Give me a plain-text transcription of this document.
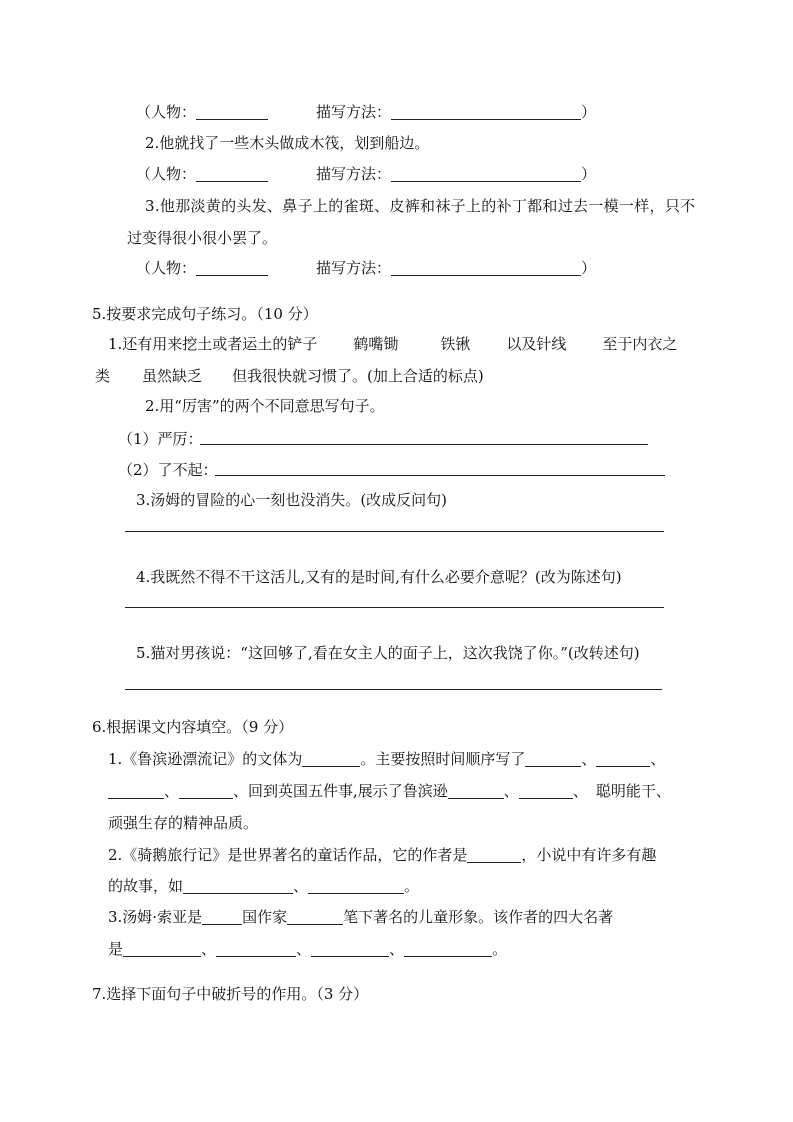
（人物：	描写方法：	）
2.他就找了一些木头做成木筏，划到船边。
（人物：	描写方法：	）
3.他那淡黄的头发、鼻子上的雀斑、皮裤和袜子上的补丁都和过去一模一样，只不
过变得很小很小罢了。
（人物：	描写方法：	）
5.按要求完成句子练习。（10 分）
1.还有用来挖土或者运土的铲子 鹤嘴锄	铁锹 以及针线 至于内衣之
类 虽然缺乏 但我很快就习惯了。(加上合适的标点)
2.用“厉害”的两个不同意思写句子。
（1）严厉：
（2）了不起：
3.汤姆的冒险的心一刻也没消失。(改成反问句)
4.我既然不得不干这活儿,又有的是时间,有什么必要介意呢？(改为陈述句)
5.猫对男孩说：“这回够了,看在女主人的面子上，这次我饶了你。”(改转述句)
6.根据课文内容填空。（9 分）
1.《鲁滨逊漂流记》的文体为	。主要按照时间顺序写了	、	、
、	、回到英国五件事,展示了鲁滨逊	、	、 聪明能干、
顽强生存的精神品质。
2.《骑鹅旅行记》是世界著名的童话作品，它的作者是	，小说中有许多有趣
的故事，如	、	。
3.汤姆·索亚是	国作家	笔下著名的儿童形象。该作者的四大名著
是	、	、	、	。
7.选择下面句子中破折号的作用。（3 分）
